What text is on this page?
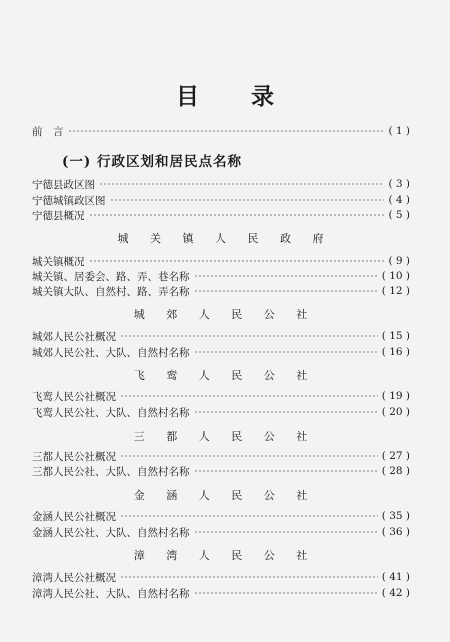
目 录
前　言	( 1 )
(一) 行政区划和居民点名称
宁德县政区图	( 3 )
宁德城镇政区图	( 4 )
宁德县概况	( 5 )
城 关 镇 人 民 政 府
城关镇概况	( 9 )
城关镇、居委会、路、弄、巷名称	( 10 )
城关镇大队、自然村、路、弄名称	( 12 )
城 郊 人 民 公 社
城郊人民公社概况	( 15 )
城郊人民公社、大队、自然村名称	( 16 )
飞 鸾 人 民 公 社
飞鸾人民公社概况	( 19 )
飞鸾人民公社、大队、自然村名称	( 20 )
三 都 人 民 公 社
三都人民公社概况	( 27 )
三都人民公社、大队、自然村名称	( 28 )
金 涵 人 民 公 社
金涵人民公社概况	( 35 )
金涵人民公社、大队、自然村名称	( 36 )
漳 湾 人 民 公 社
漳湾人民公社概况	( 41 )
漳湾人民公社、大队、自然村名称	( 42 )
